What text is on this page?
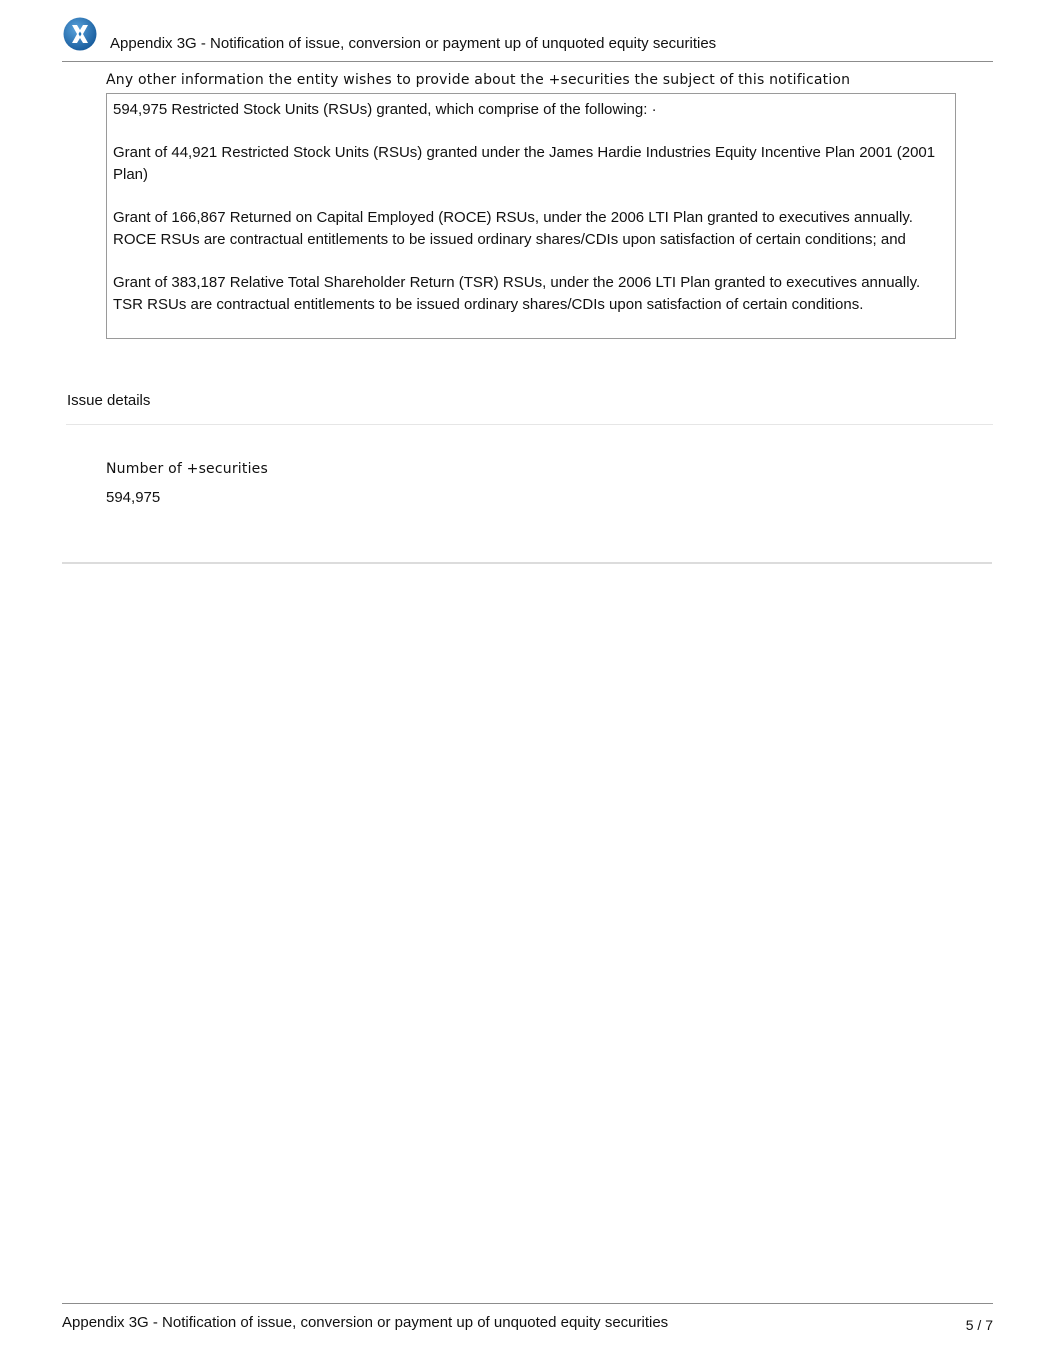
Appendix 3G - Notification of issue, conversion or payment up of unquoted equity securities
Any other information the entity wishes to provide about the +securities the subject of this notification

594,975 Restricted Stock Units (RSUs) granted, which comprise of the following: ·

Grant of 44,921 Restricted Stock Units (RSUs) granted under the James Hardie Industries Equity Incentive Plan 2001 (2001 Plan)

Grant of 166,867 Returned on Capital Employed (ROCE) RSUs, under the 2006 LTI Plan granted to executives annually. ROCE RSUs are contractual entitlements to be issued ordinary shares/CDIs upon satisfaction of certain conditions; and

Grant of 383,187 Relative Total Shareholder Return (TSR) RSUs, under the 2006 LTI Plan granted to executives annually. TSR RSUs are contractual entitlements to be issued ordinary shares/CDIs upon satisfaction of certain conditions.

Issue details
Number of +securities
594,975
Appendix 3G - Notification of issue, conversion or payment up of unquoted equity securities	5 / 7
